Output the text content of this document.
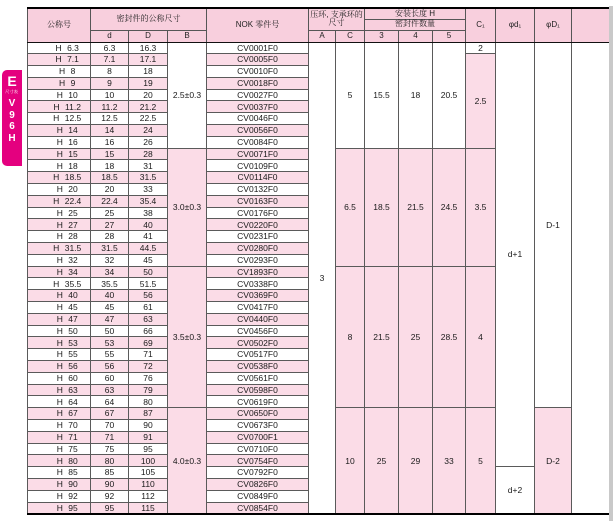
E
尺寸表
V
9
6
H
公称号	密封件的公称尺寸			NOK 零件号	压环, 支承环的尺寸		安装长度 H			C₁	φd₁	φD₁	
							密封件数量						
	d	D	B		A	C	3	4	5				
H 6.3	6.3	16.3	2.5±0.3	CV0001F0	3	5	15.5	18	20.5	2	d+1	D-1	
H 7.1	7.1	17.1		CV0005F0						2.5			
H 8	8	18		CV0010F0									
H 9	9	19		CV0018F0									
H 10	10	20		CV0027F0									
H 11.2	11.2	21.2		CV0037F0									
H 12.5	12.5	22.5		CV0046F0									
H 14	14	24		CV0056F0									
H 16	16	26		CV0084F0									
H 15	15	28	3.0±0.3	CV0071F0		6.5	18.5	21.5	24.5	3.5			
H 18	18	31		CV0109F0									
H 18.5	18.5	31.5		CV0114F0									
H 20	20	33		CV0132F0									
H 22.4	22.4	35.4		CV0163F0									
H 25	25	38		CV0176F0									
H 27	27	40		CV0220F0									
H 28	28	41		CV0231F0									
H 31.5	31.5	44.5		CV0280F0									
H 32	32	45		CV0293F0									
H 34	34	50	3.5±0.3	CV1893F0		8	21.5	25	28.5	4			
H 35.5	35.5	51.5		CV0338F0									
H 40	40	56		CV0369F0									
H 45	45	61		CV0417F0									
H 47	47	63		CV0440F0									
H 50	50	66		CV0456F0									
H 53	53	69		CV0502F0									
H 55	55	71		CV0517F0									
H 56	56	72		CV0538F0									
H 60	60	76		CV0561F0									
H 63	63	79		CV0598F0									
H 64	64	80		CV0619F0									
H 67	67	87	4.0±0.3	CV0650F0		10	25	29	33	5		D-2	
H 70	70	90		CV0673F0									
H 71	71	91		CV0700F1									
H 75	75	95		CV0710F0									
H 80	80	100		CV0754F0									
H 85	85	105		CV0792F0							d+2		
H 90	90	110		CV0826F0									
H 92	92	112		CV0849F0									
H 95	95	115		CV0854F0									
